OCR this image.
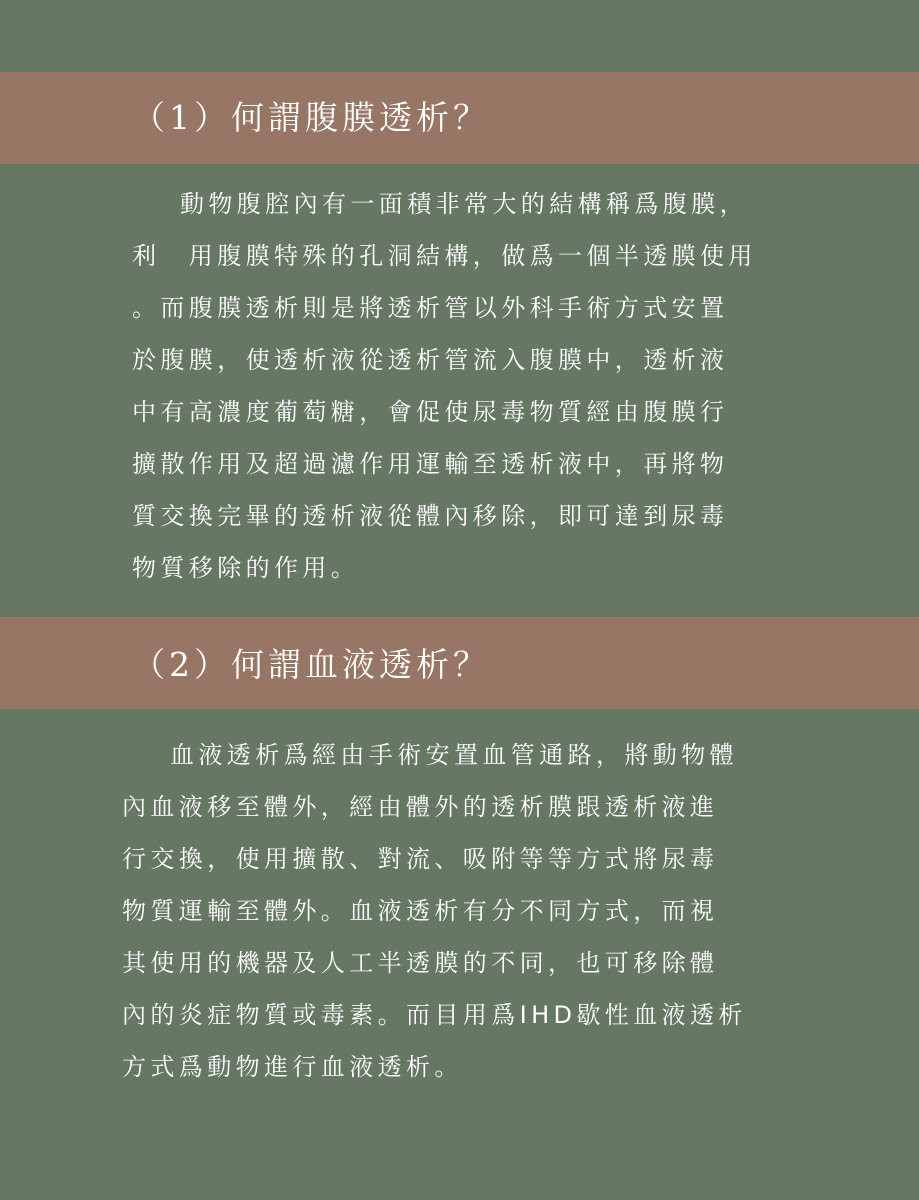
（1）何謂腹膜透析？
動物腹腔內有一面積非常大的結構稱爲腹膜，
利　用腹膜特殊的孔洞結構，做爲一個半透膜使用
。而腹膜透析則是將透析管以外科手術方式安置
於腹膜，使透析液從透析管流入腹膜中，透析液
中有高濃度葡萄糖，會促使尿毒物質經由腹膜行
擴散作用及超過濾作用運輸至透析液中，再將物
質交換完畢的透析液從體內移除，即可達到尿毒
物質移除的作用。
（2）何謂血液透析？
血液透析爲經由手術安置血管通路，將動物體
內血液移至體外，經由體外的透析膜跟透析液進
行交換，使用擴散、對流、吸附等等方式將尿毒
物質運輸至體外。血液透析有分不同方式，而視
其使用的機器及人工半透膜的不同，也可移除體
內的炎症物質或毒素。而目用爲IHD歇性血液透析
方式爲動物進行血液透析。
